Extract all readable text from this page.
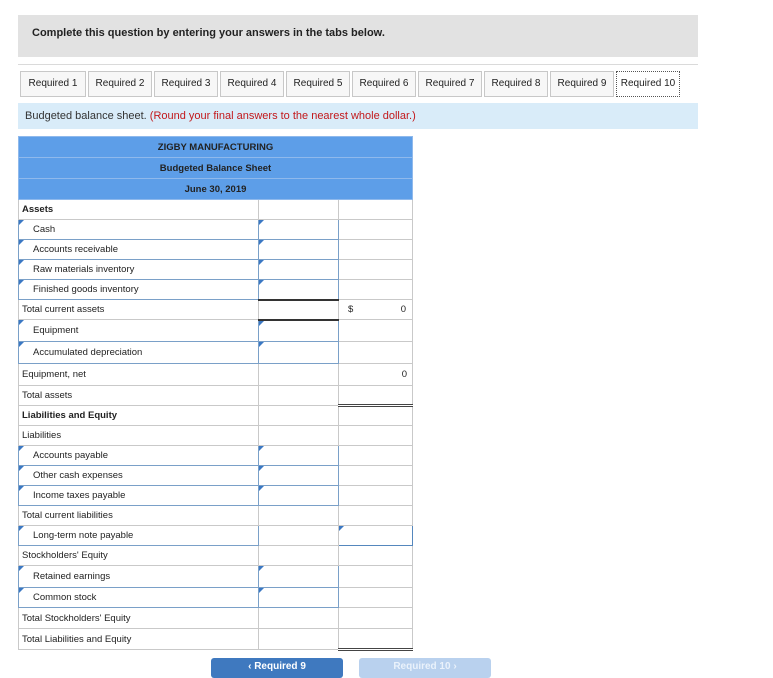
Complete this question by entering your answers in the tabs below.
Required 1	Required 2	Required 3	Required 4	Required 5	Required 6	Required 7	Required 8	Required 9	Required 10
Budgeted balance sheet. (Round your final answers to the nearest whole dollar.)
ZIGBY MANUFACTURING		
Budgeted Balance Sheet		
June 30, 2019		
Assets		
Cash		
Accounts receivable		
Raw materials inventory		
Finished goods inventory		
Total current assets		$ 0

Equipment		
Accumulated depreciation		
Equipment, net		0
Total assets		
Liabilities and Equity		
Liabilities		
Accounts payable		
Other cash expenses		
Income taxes payable		
Total current liabilities		
Long-term note payable		
Stockholders' Equity		
Retained earnings		
Common stock		
Total Stockholders' Equity		
Total Liabilities and Equity		
‹ Required 9	Required 10 ›
